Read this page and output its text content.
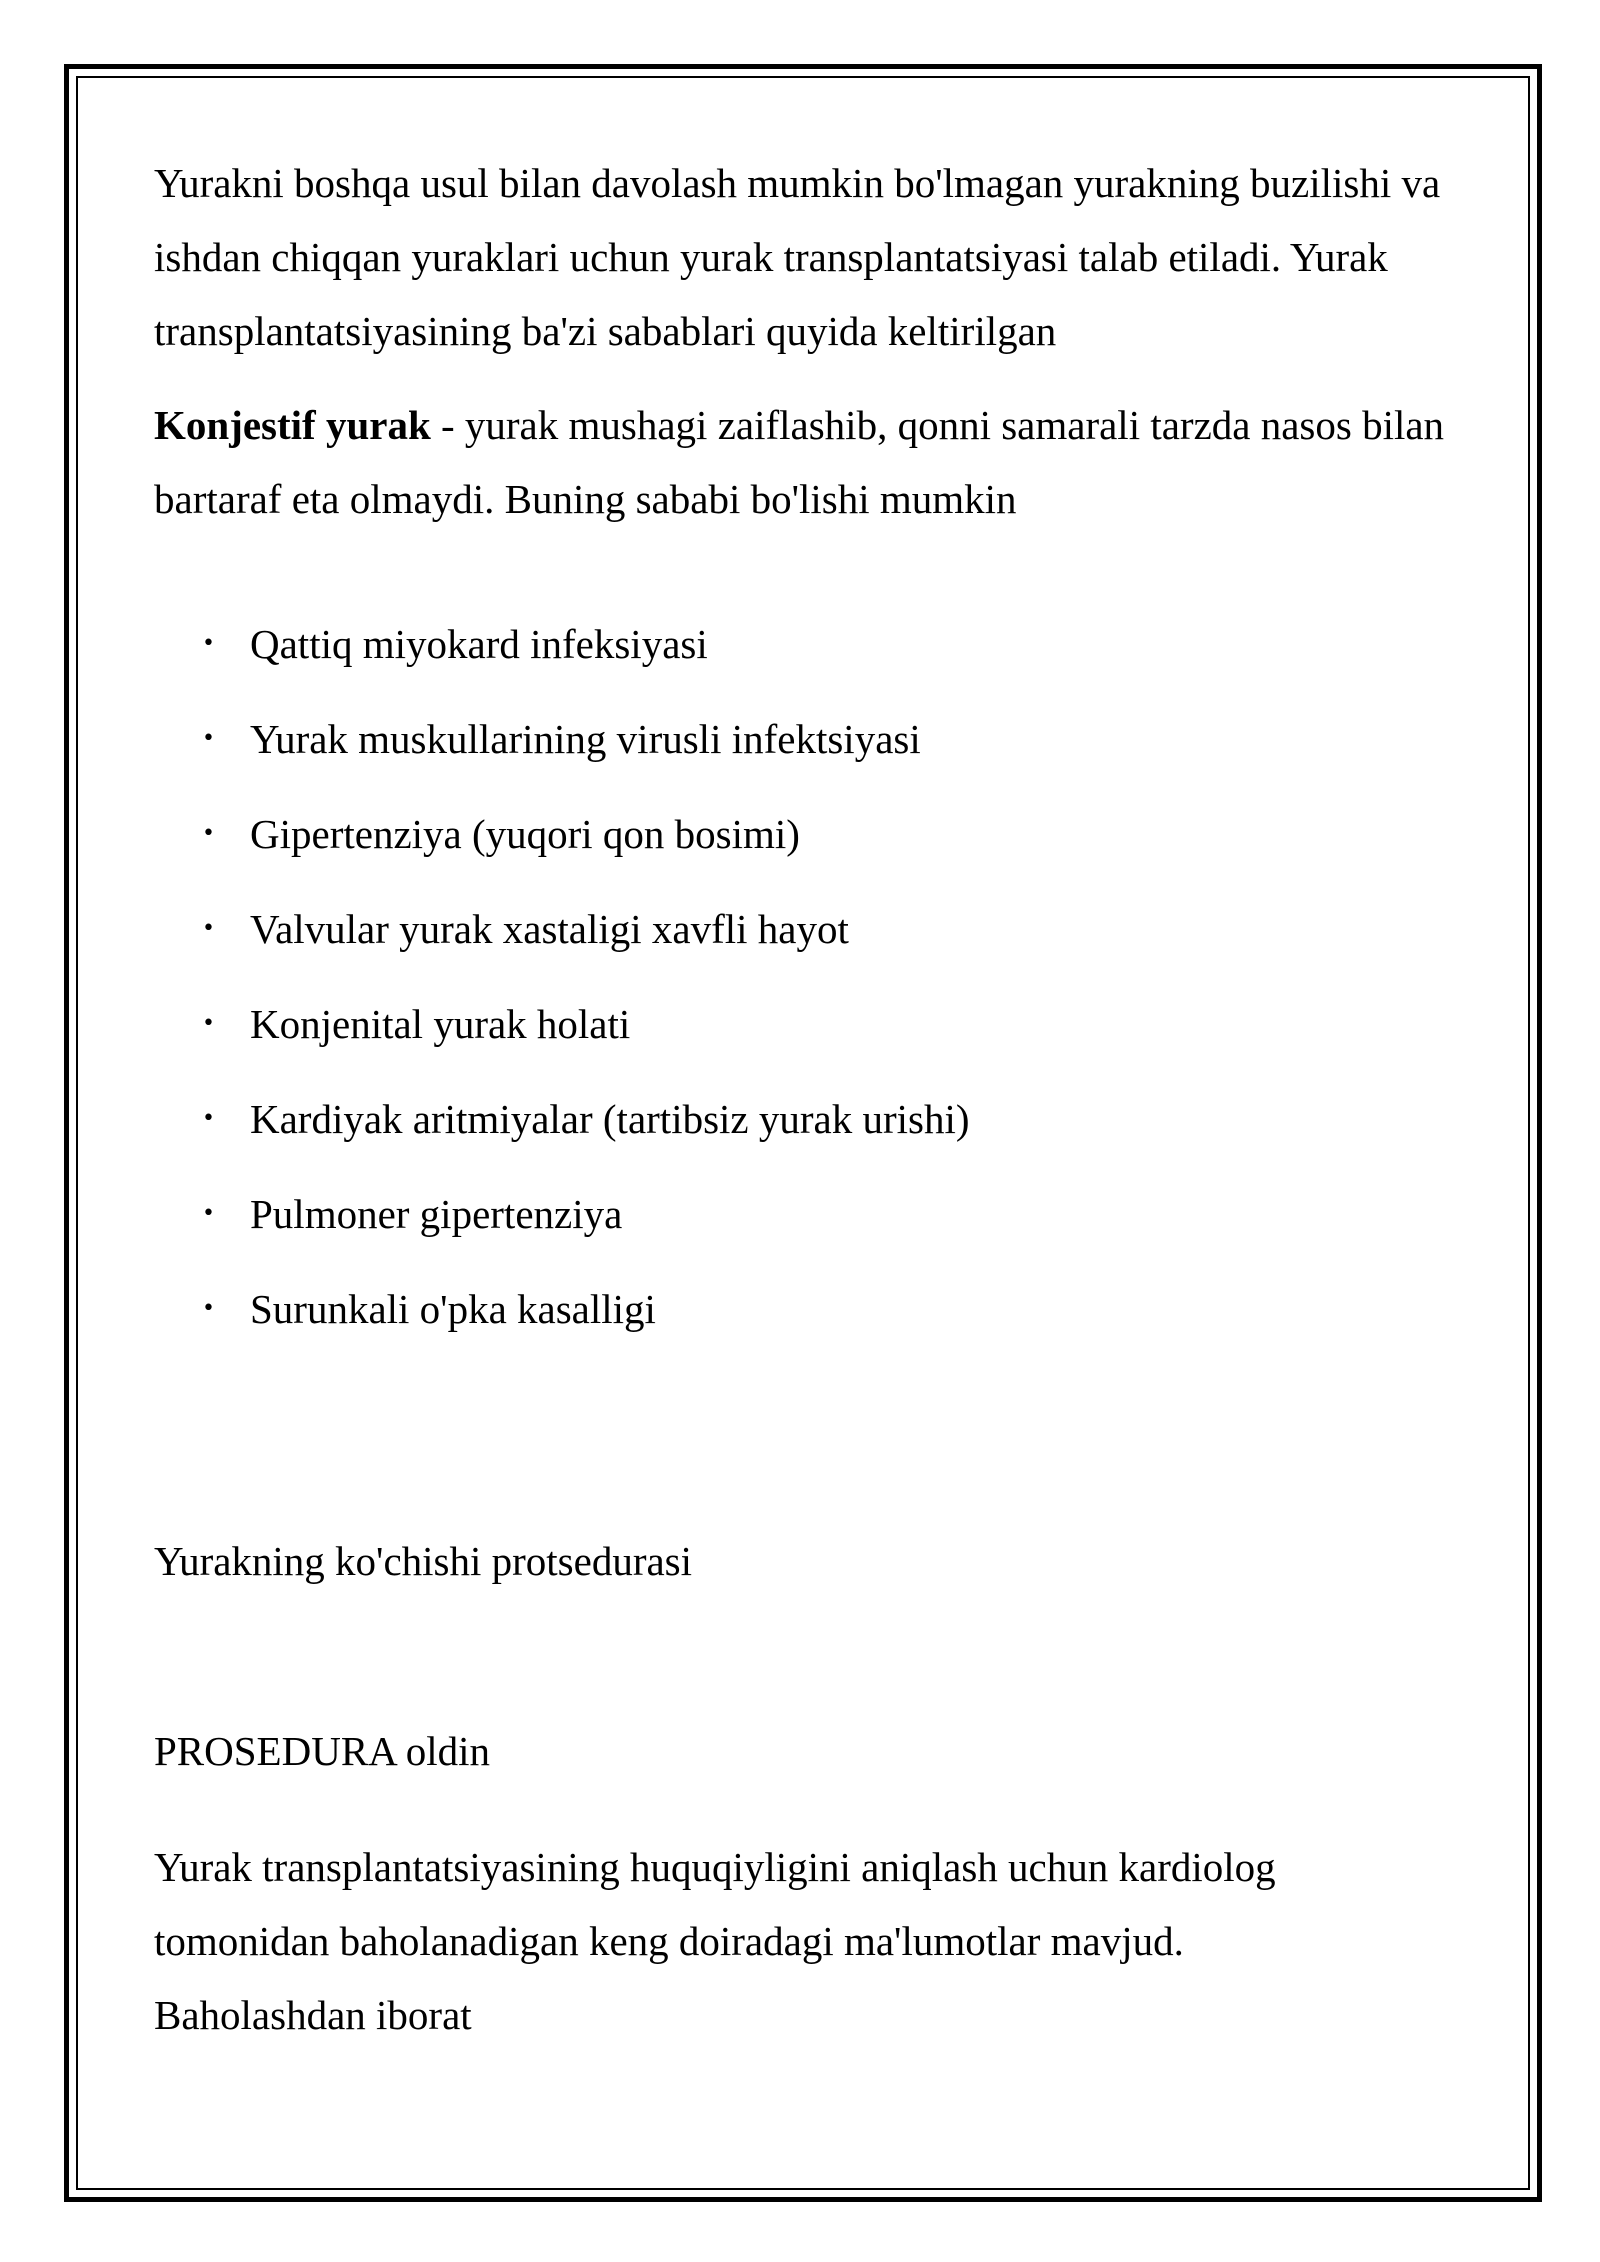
Yurakni boshqa usul bilan davolash mumkin bo'lmagan yurakning buzilishi va ishdan chiqqan yuraklari uchun yurak transplantatsiyasi talab etiladi. Yurak transplantatsiyasining ba'zi sabablari quyida keltirilgan

Konjestif yurak - yurak mushagi zaiflashib, qonni samarali tarzda nasos bilan bartaraf eta olmaydi. Buning sababi bo'lishi mumkin

• Qattiq miyokard infeksiyasi
• Yurak muskullarining virusli infektsiyasi
• Gipertenziya (yuqori qon bosimi)
• Valvular yurak xastaligi xavfli hayot
• Konjenital yurak holati
• Kardiyak aritmiyalar (tartibsiz yurak urishi)
• Pulmoner gipertenziya
• Surunkali o'pka kasalligi

Yurakning ko'chishi protsedurasi

PROSEDURA oldin

Yurak transplantatsiyasining huquqiyligini aniqlash uchun kardiolog tomonidan baholanadigan keng doiradagi ma'lumotlar mavjud.
Baholashdan iborat
